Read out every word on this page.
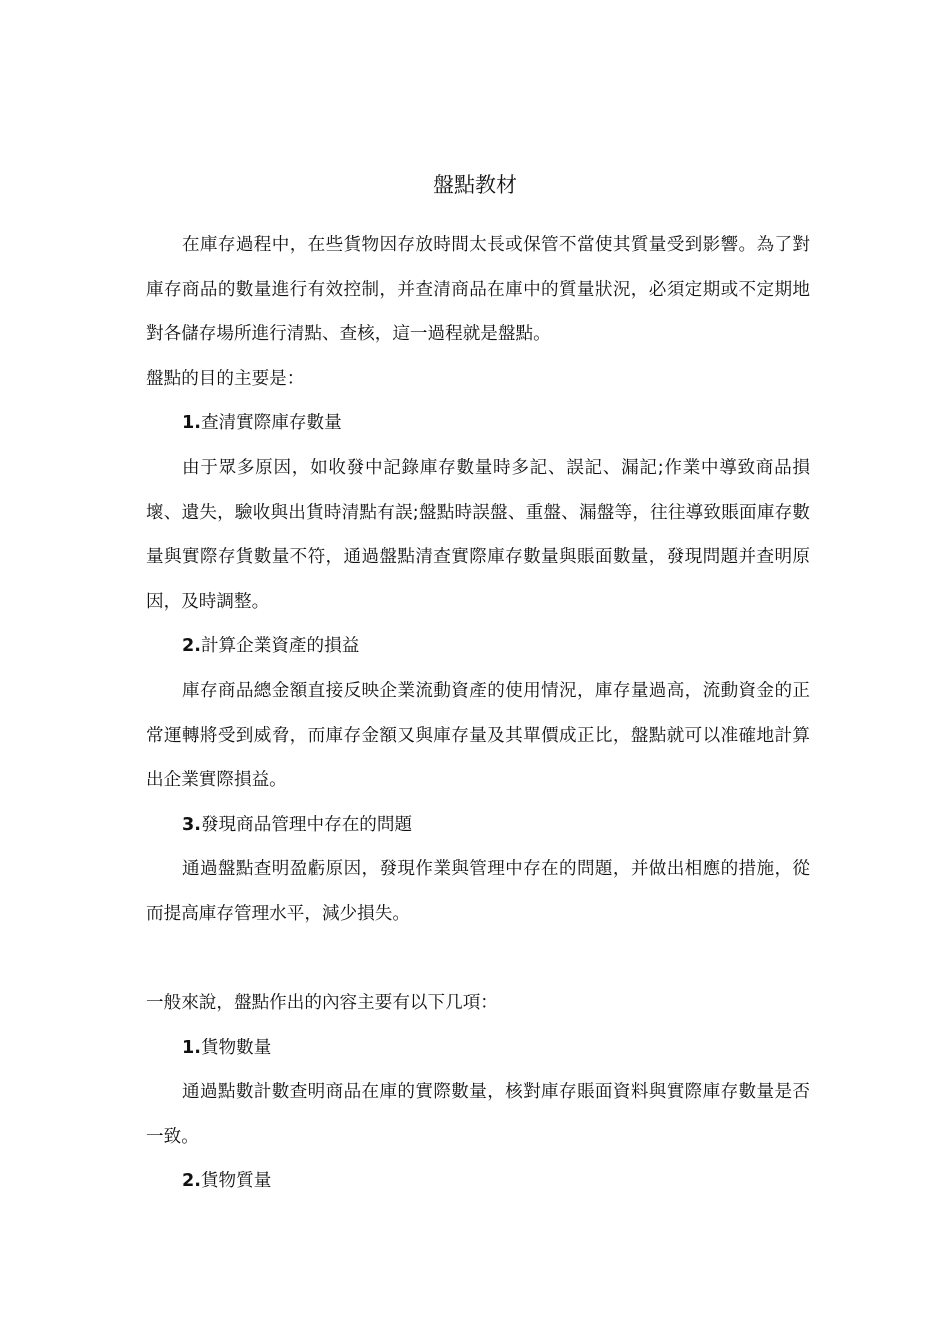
盤點教材

在庫存過程中，在些貨物因存放時間太長或保管不當使其質量受到影響。為了對庫存商品的數量進行有效控制，并查清商品在庫中的質量狀況，必須定期或不定期地對各儲存場所進行清點、查核，這一過程就是盤點。

盤點的目的主要是：

1.查清實際庫存數量

由于眾多原因，如收發中記錄庫存數量時多記、誤記、漏記;作業中導致商品損壞、遺失，驗收與出貨時清點有誤;盤點時誤盤、重盤、漏盤等，往往導致賬面庫存數量與實際存貨數量不符，通過盤點清查實際庫存數量與賬面數量，發現問題并查明原因，及時調整。

2.計算企業資產的損益

庫存商品總金額直接反映企業流動資產的使用情況，庫存量過高，流動資金的正常運轉將受到威脅，而庫存金額又與庫存量及其單價成正比，盤點就可以准確地計算出企業實際損益。

3.發現商品管理中存在的問題

通過盤點查明盈虧原因，發現作業與管理中存在的問題，并做出相應的措施，從而提高庫存管理水平，減少損失。

一般來說，盤點作出的內容主要有以下几項：

1.貨物數量

通過點數計數查明商品在庫的實際數量，核對庫存賬面資料與實際庫存數量是否一致。

2.貨物質量
